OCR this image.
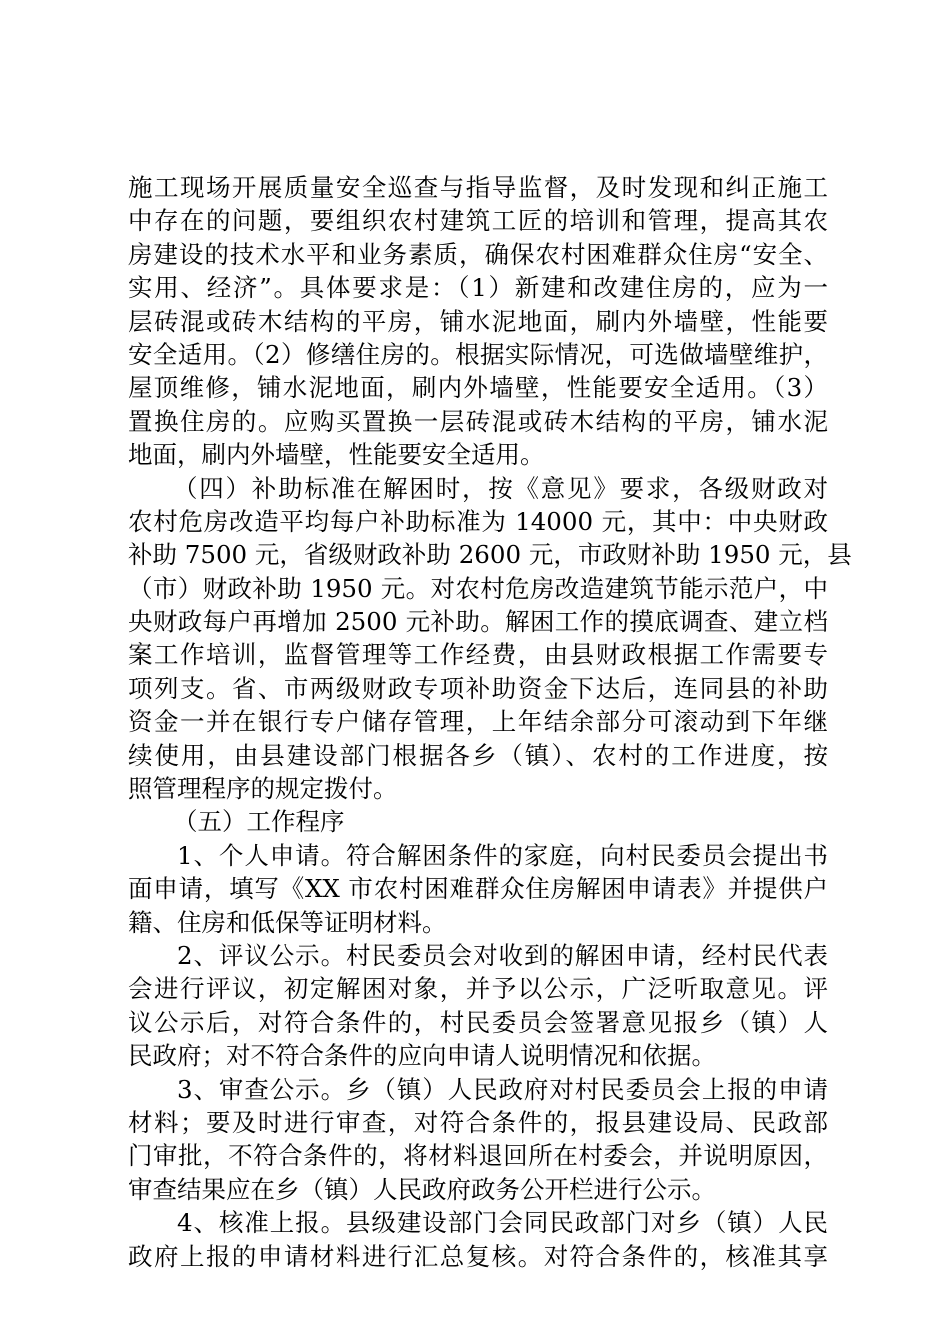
施工现场开展质量安全巡查与指导监督，及时发现和纠正施工
中存在的问题，要组织农村建筑工匠的培训和管理，提高其农
房建设的技术水平和业务素质，确保农村困难群众住房“安全、
实用、经济”。具体要求是：（1）新建和改建住房的，应为一
层砖混或砖木结构的平房，铺水泥地面，刷内外墙壁，性能要
安全适用。（2）修缮住房的。根据实际情况，可选做墙壁维护，
屋顶维修，铺水泥地面，刷内外墙壁，性能要安全适用。（3）
置换住房的。应购买置换一层砖混或砖木结构的平房，铺水泥
地面，刷内外墙壁，性能要安全适用。
（四）补助标准在解困时，按《意见》要求，各级财政对
农村危房改造平均每户补助标准为 14000 元，其中：中央财政
补助 7500 元，省级财政补助 2600 元，市政财补助 1950 元，县
（市）财政补助 1950 元。对农村危房改造建筑节能示范户，中
央财政每户再增加 2500 元补助。解困工作的摸底调查、建立档
案工作培训，监督管理等工作经费，由县财政根据工作需要专
项列支。省、市两级财政专项补助资金下达后，连同县的补助
资金一并在银行专户储存管理，上年结余部分可滚动到下年继
续使用，由县建设部门根据各乡（镇）、农村的工作进度，按
照管理程序的规定拨付。
（五）工作程序
1、个人申请。符合解困条件的家庭，向村民委员会提出书
面申请，填写《XX 市农村困难群众住房解困申请表》并提供户
籍、住房和低保等证明材料。
2、评议公示。村民委员会对收到的解困申请，经村民代表
会进行评议，初定解困对象，并予以公示，广泛听取意见。评
议公示后，对符合条件的，村民委员会签署意见报乡（镇）人
民政府；对不符合条件的应向申请人说明情况和依据。
3、审查公示。乡（镇）人民政府对村民委员会上报的申请
材料；要及时进行审查，对符合条件的，报县建设局、民政部
门审批，不符合条件的，将材料退回所在村委会，并说明原因，
审查结果应在乡（镇）人民政府政务公开栏进行公示。
4、核准上报。县级建设部门会同民政部门对乡（镇）人民
政府上报的申请材料进行汇总复核。对符合条件的，核准其享
